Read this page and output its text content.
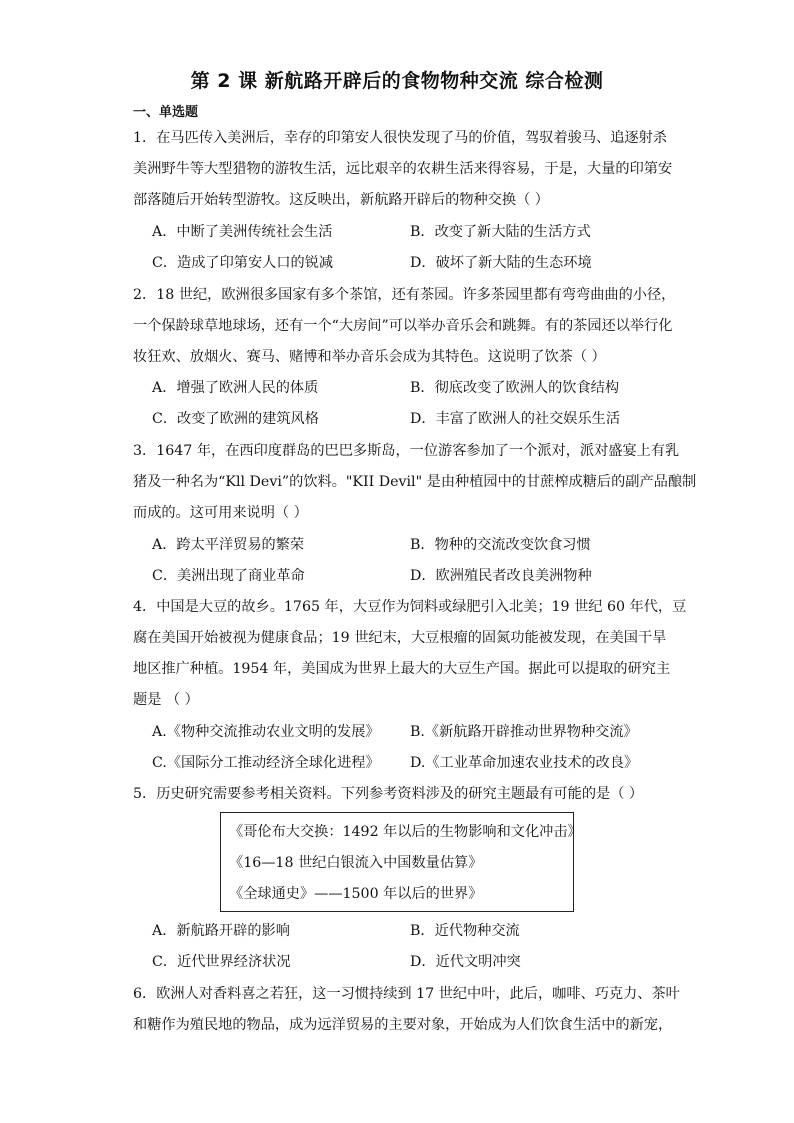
第 2 课 新航路开辟后的食物物种交流 综合检测
一、单选题
1．在马匹传入美洲后，幸存的印第安人很快发现了马的价值，驾驭着骏马、追逐射杀
美洲野牛等大型猎物的游牧生活，远比艰辛的农耕生活来得容易，于是，大量的印第安
部落随后开始转型游牧。这反映出，新航路开辟后的物种交换（ ）
A．中断了美洲传统社会生活	B．改变了新大陆的生活方式
C．造成了印第安人口的锐减	D．破坏了新大陆的生态环境
2．18 世纪，欧洲很多国家有多个茶馆，还有茶园。许多茶园里都有弯弯曲曲的小径，
一个保龄球草地球场，还有一个“大房间”可以举办音乐会和跳舞。有的茶园还以举行化
妆狂欢、放烟火、赛马、赌博和举办音乐会成为其特色。这说明了饮茶（ ）
A．增强了欧洲人民的体质	B．彻底改变了欧洲人的饮食结构
C．改变了欧洲的建筑风格	D．丰富了欧洲人的社交娱乐生活
3．1647 年，在西印度群岛的巴巴多斯岛，一位游客参加了一个派对，派对盛宴上有乳
猪及一种名为“Kll Devi”的饮料。"KII Devil" 是由种植园中的甘蔗榨成糖后的副产品酿制
而成的。这可用来说明（ ）
A．跨太平洋贸易的繁荣	B．物种的交流改变饮食习惯
C．美洲出现了商业革命	D．欧洲殖民者改良美洲物种
4．中国是大豆的故乡。1765 年，大豆作为饲料或绿肥引入北美；19 世纪 60 年代，豆
腐在美国开始被视为健康食品；19 世纪末，大豆根瘤的固氮功能被发现，在美国干旱
地区推广种植。1954 年，美国成为世界上最大的大豆生产国。据此可以提取的研究主
题是 （ ）
A.《物种交流推动农业文明的发展》 B.《新航路开辟推动世界物种交流》
C.《国际分工推动经济全球化进程》 D.《工业革命加速农业技术的改良》
5．历史研究需要参考相关资料。下列参考资料涉及的研究主题最有可能的是（ ）
《哥伦布大交换：1492 年以后的生物影响和文化冲击》
《16—18 世纪白银流入中国数量估算》
《全球通史》——1500 年以后的世界》
A．新航路开辟的影响	B．近代物种交流
C．近代世界经济状况	D．近代文明冲突
6．欧洲人对香料喜之若狂，这一习惯持续到 17 世纪中叶，此后，咖啡、巧克力、茶叶
和糖作为殖民地的物品，成为远洋贸易的主要对象，开始成为人们饮食生活中的新宠，
